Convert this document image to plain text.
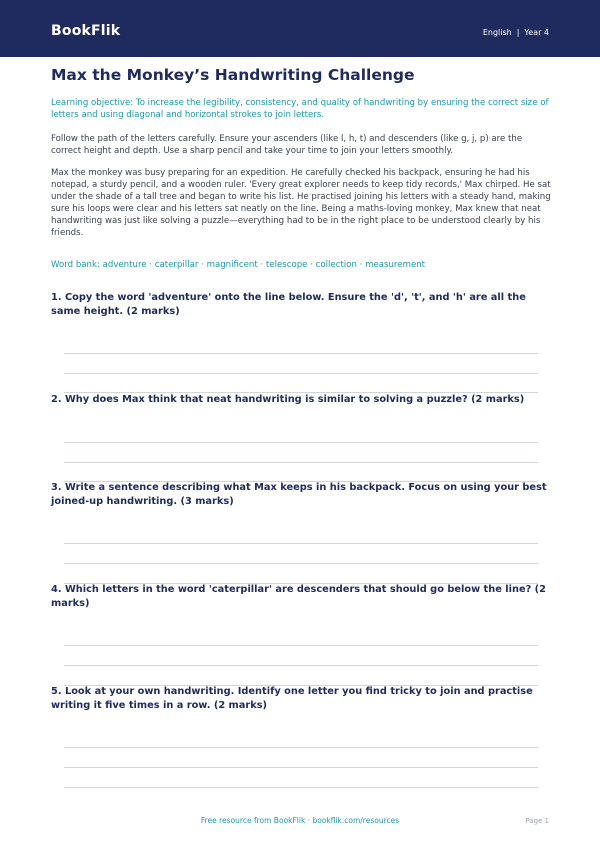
BookFlik	English | Year 4
Max the Monkey’s Handwriting Challenge
Learning objective: To increase the legibility, consistency, and quality of handwriting by ensuring the correct size of letters and using diagonal and horizontal strokes to join letters.
Follow the path of the letters carefully. Ensure your ascenders (like l, h, t) and descenders (like g, j, p) are the correct height and depth. Use a sharp pencil and take your time to join your letters smoothly.
Max the monkey was busy preparing for an expedition. He carefully checked his backpack, ensuring he had his notepad, a sturdy pencil, and a wooden ruler. 'Every great explorer needs to keep tidy records,' Max chirped. He sat under the shade of a tall tree and began to write his list. He practised joining his letters with a steady hand, making sure his loops were clear and his letters sat neatly on the line. Being a maths-loving monkey, Max knew that neat handwriting was just like solving a puzzle—everything had to be in the right place to be understood clearly by his friends.
Word bank: adventure · caterpillar · magnificent · telescope · collection · measurement
1. Copy the word 'adventure' onto the line below. Ensure the 'd', 't', and 'h' are all the same height. (2 marks)
2. Why does Max think that neat handwriting is similar to solving a puzzle? (2 marks)
3. Write a sentence describing what Max keeps in his backpack. Focus on using your best joined-up handwriting. (3 marks)
4. Which letters in the word 'caterpillar' are descenders that should go below the line? (2 marks)
5. Look at your own handwriting. Identify one letter you find tricky to join and practise writing it five times in a row. (2 marks)
Free resource from BookFlik · bookflik.com/resources	Page 1
